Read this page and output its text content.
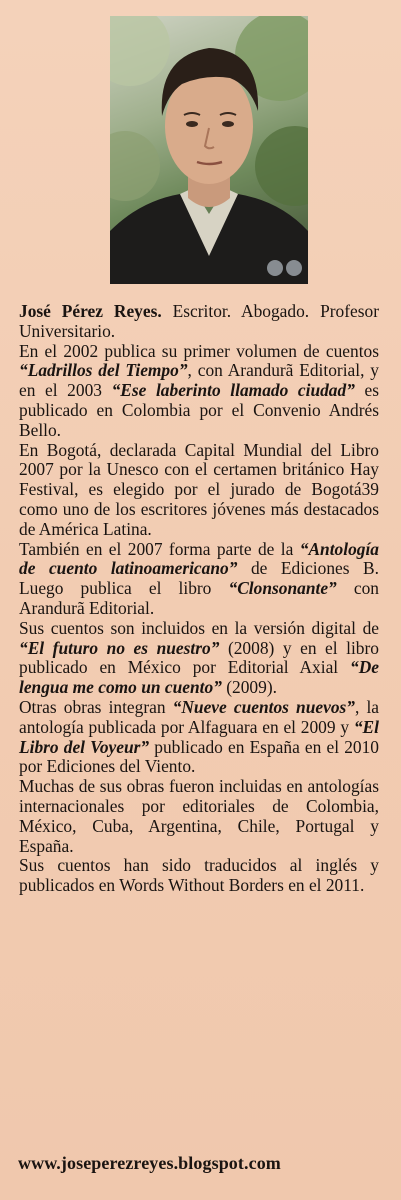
José Pérez Reyes. Escritor. Abogado. Profesor Universitario.

En el 2002 publica su primer volumen de cuentos “Ladrillos del Tiempo”, con Arandurã Editorial, y en el 2003 “Ese laberinto llamado ciudad” es publicado en Colombia por el Convenio Andrés Bello.

En Bogotá, declarada Capital Mundial del Libro 2007 por la Unesco con el certamen británico Hay Festival, es elegido por el jurado de Bogotá39 como uno de los escritores jóvenes más destacados de América Latina.

También en el 2007 forma parte de la “Antología de cuento latinoamericano” de Ediciones B. Luego publica el libro “Clonsonante” con Arandurã Editorial.

Sus cuentos son incluidos en la versión digital de “El futuro no es nuestro” (2008) y en el libro publicado en México por Editorial Axial “De lengua me como un cuento” (2009).

Otras obras integran “Nueve cuentos nuevos”, la antología publicada por Alfaguara en el 2009 y “El Libro del Voyeur” publicado en España en el 2010 por Ediciones del Viento.

Muchas de sus obras fueron incluidas en antologías internacionales por editoriales de Colombia, México, Cuba, Argentina, Chile, Portugal y España.

Sus cuentos han sido traducidos al inglés y publicados en Words Without Borders en el 2011.

www.joseperezreyes.blogspot.com
